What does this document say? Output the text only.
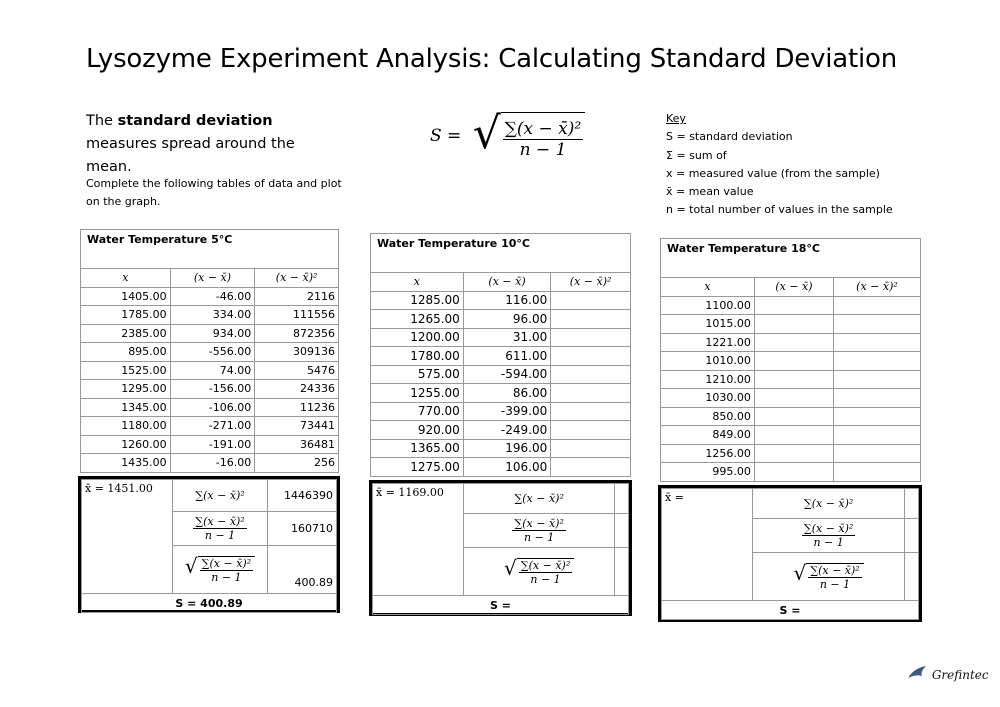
Lysozyme Experiment Analysis: Calculating Standard Deviation
The standard deviation measures spread around the mean.
Complete the following tables of data and plot on the graph.
S = √ $\frac{\text{∑(x − x̄)²}}{n - 1}$
Key
S = standard deviation
Σ = sum of
x = measured value (from the sample)
x̄ = mean value
n = total number of values in the sample
Water Temperature 5°C		
x	(x − x̄)	(x − x̄)²
1405.00	-46.00	2116
1785.00	334.00	111556
2385.00	934.00	872356
895.00	-556.00	309136
1525.00	74.00	5476
1295.00	-156.00	24336
1345.00	-106.00	11236
1180.00	-271.00	73441
1260.00	-191.00	36481
1435.00	-16.00	256
x̄ = 1451.00	∑(x − x̄)²	1446390

	$\frac{\text{∑(x − x̄)²}}{n - 1}$	160710

	√ $\frac{\text{∑(x − x̄)²}}{n - 1}$	400.89
S = 400.89		
Water Temperature 10°C		
x	(x − x̄)	(x − x̄)²
1285.00	116.00	
1265.00	96.00	
1200.00	31.00	
1780.00	611.00	
575.00	-594.00	
1255.00	86.00	
770.00	-399.00	
920.00	-249.00	
1365.00	196.00	
1275.00	106.00	
x̄ = 1169.00	∑(x − x̄)²	

	$\frac{\text{∑(x − x̄)²}}{n - 1}$

	√ $\frac{\text{∑(x − x̄)²}}{n - 1}$

S =		
Water Temperature 18°C		
x	(x − x̄)	(x − x̄)²
1100.00		
1015.00		
1221.00		
1010.00		
1210.00		
1030.00		
850.00		
849.00		
1256.00		
995.00		
x̄ =	∑(x − x̄)²	

	$\frac{\text{∑(x − x̄)²}}{n - 1}$

	√ $\frac{\text{∑(x − x̄)²}}{n - 1}$

S =		
Grefintec
